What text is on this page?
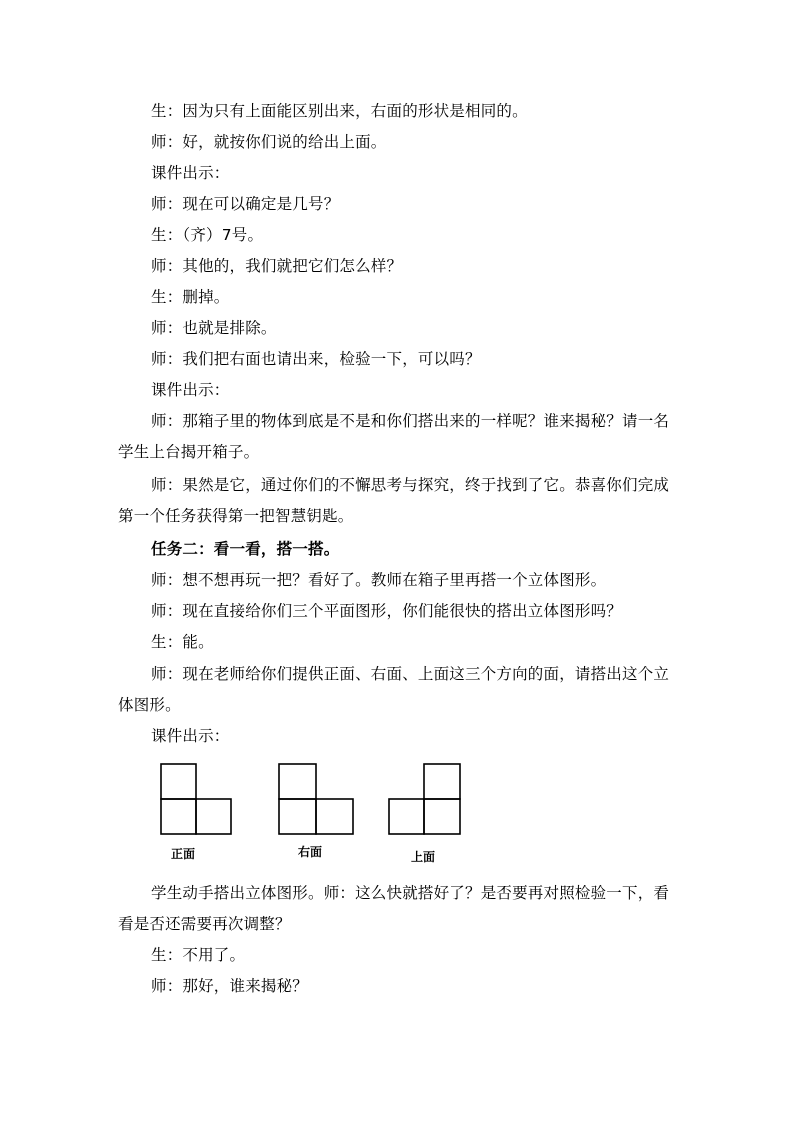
生：因为只有上面能区别出来，右面的形状是相同的。

师：好，就按你们说的给出上面。

课件出示：

师：现在可以确定是几号？

生：（齐）7号。

师：其他的，我们就把它们怎么样？

生：删掉。

师：也就是排除。

师：我们把右面也请出来，检验一下，可以吗？

课件出示：

师：那箱子里的物体到底是不是和你们搭出来的一样呢？谁来揭秘？请一名学生上台揭开箱子。

师：果然是它，通过你们的不懈思考与探究，终于找到了它。恭喜你们完成第一个任务获得第一把智慧钥匙。

任务二：看一看，搭一搭。

师：想不想再玩一把？看好了。教师在箱子里再搭一个立体图形。

师：现在直接给你们三个平面图形，你们能很快的搭出立体图形吗？

生：能。

师：现在老师给你们提供正面、右面、上面这三个方向的面，请搭出这个立体图形。

课件出示：

正面	右面	上面

学生动手搭出立体图形。师：这么快就搭好了？是否要再对照检验一下，看看是否还需要再次调整？

生：不用了。

师：那好，谁来揭秘？
